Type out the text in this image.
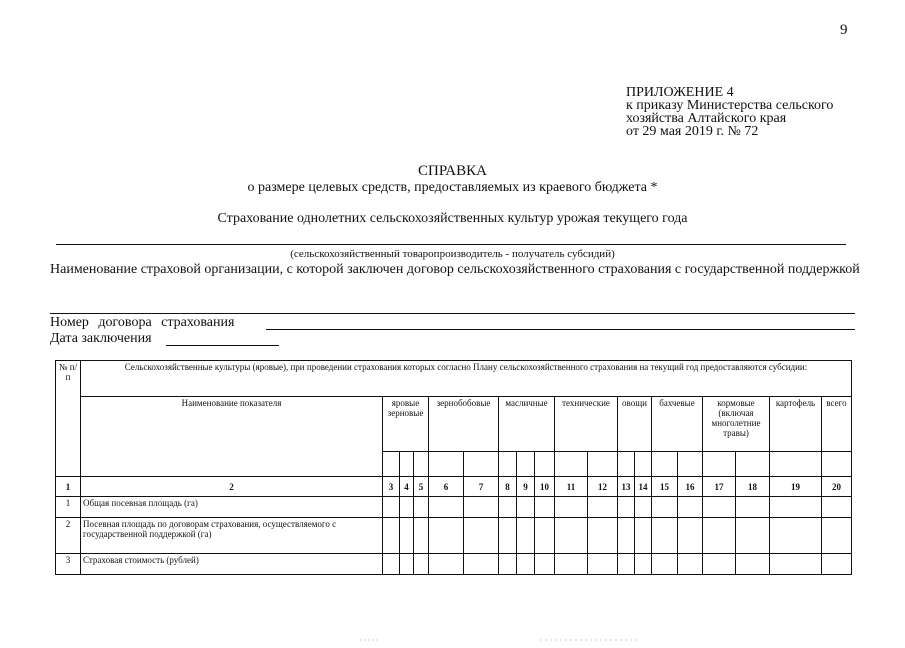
9
ПРИЛОЖЕНИЕ 4
к приказу Министерства сельского
хозяйства Алтайского края
от 29 мая 2019 г. № 72
СПРАВКА
о размере целевых средств, предоставляемых из краевого бюджета *
Страхование однолетних сельскохозяйственных культур урожая текущего года
(сельскохозяйственный товаропроизводитель - получатель субсидий)
Наименование страховой организации, с которой заключен договор сельскохозяйственного страхования с государственной поддержкой
Номер договора страхования
Дата заключения
№ п/п	Сельскохозяйственные культуры (яровые), при проведении страхования которых согласно Плану сельскохозяйственного страхования на текущий год предоставляются субсидии:																		
	Наименование показателя	яровые зерновые			зернобобовые		масличные			технические		овощи		бахчевые		кормовые (включая многолетние травы)		картофель	всего

1	2	3	4	5	6	7	8	9	10	11	12	13	14	15	16	17	18	19	20
1	Общая посевная площадь (га)																		
2	Посевная площадь по договорам страхования, осуществляемого с государственной поддержкой (га)																		
3	Страховая стоимость (рублей)																		
